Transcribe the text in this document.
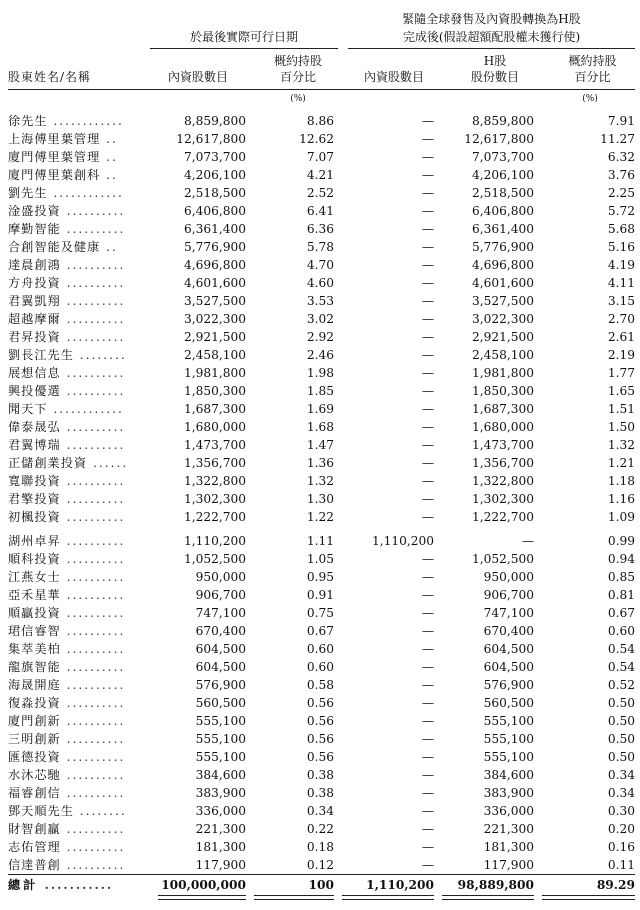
於最後實際可行日期
緊隨全球發售及內資股轉換為H股
完成後(假設超額配股權未獲行使)
股東姓名/名稱	內資股數目
概約持股
百分比	內資股數目
H股
股份數目
概約持股
百分比
(%)	(%)
徐先生 ............	8,859,800	8.86	—	8,859,800	7.91
上海傅里葉管理 ..	12,617,800	12.62	—	12,617,800	11.27
廈門傅里葉管理 ..	7,073,700	7.07	—	7,073,700	6.32
廈門傅里葉創科 ..	4,206,100	4.21	—	4,206,100	3.76
劉先生 ............	2,518,500	2.52	—	2,518,500	2.25
淦盛投資 ..........	6,406,800	6.41	—	6,406,800	5.72
摩勤智能 ..........	6,361,400	6.36	—	6,361,400	5.68
合創智能及健康 ..	5,776,900	5.78	—	5,776,900	5.16
達晨創鴻 ..........	4,696,800	4.70	—	4,696,800	4.19
方舟投資 ..........	4,601,600	4.60	—	4,601,600	4.11
君翼凱翔 ..........	3,527,500	3.53	—	3,527,500	3.15
超越摩爾 ..........	3,022,300	3.02	—	3,022,300	2.70
君昇投資 ..........	2,921,500	2.92	—	2,921,500	2.61
劉長江先生 ........	2,458,100	2.46	—	2,458,100	2.19
展想信息 ..........	1,981,800	1.98	—	1,981,800	1.77
興投優選 ..........	1,850,300	1.85	—	1,850,300	1.65
聞天下 ............	1,687,300	1.69	—	1,687,300	1.51
偉泰晟弘 ..........	1,680,000	1.68	—	1,680,000	1.50
君翼博瑞 ..........	1,473,700	1.47	—	1,473,700	1.32
正儲創業投資 ......	1,356,700	1.36	—	1,356,700	1.21
寬聯投資 ..........	1,322,800	1.32	—	1,322,800	1.18
君擎投資 ..........	1,302,300	1.30	—	1,302,300	1.16
初楓投資 ..........	1,222,700	1.22	—	1,222,700	1.09

湖州卓昇 ..........	1,110,200	1.11	1,110,200	—	0.99
順科投資 ..........	1,052,500	1.05	—	1,052,500	0.94
江燕女士 ..........	950,000	0.95	—	950,000	0.85
亞禾星華 ..........	906,700	0.91	—	906,700	0.81
順贏投資 ..........	747,100	0.75	—	747,100	0.67
珺信睿智 ..........	670,400	0.67	—	670,400	0.60
集萃美柏 ..........	604,500	0.60	—	604,500	0.54
龍旗智能 ..........	604,500	0.60	—	604,500	0.54
海晟開庭 ..........	576,900	0.58	—	576,900	0.52
復淼投資 ..........	560,500	0.56	—	560,500	0.50
廈門創新 ..........	555,100	0.56	—	555,100	0.50
三明創新 ..........	555,100	0.56	—	555,100	0.50
匯德投資 ..........	555,100	0.56	—	555,100	0.50
水沐芯馳 ..........	384,600	0.38	—	384,600	0.34
福睿創信 ..........	383,900	0.38	—	383,900	0.34
鄧天順先生 ........	336,000	0.34	—	336,000	0.30
財智創贏 ..........	221,300	0.22	—	221,300	0.20
志佑管理 ..........	181,300	0.18	—	181,300	0.16
信達普創 ..........	117,900	0.12	—	117,900	0.11
總計 ...........	100,000,000	100	1,110,200	98,889,800	89.29
